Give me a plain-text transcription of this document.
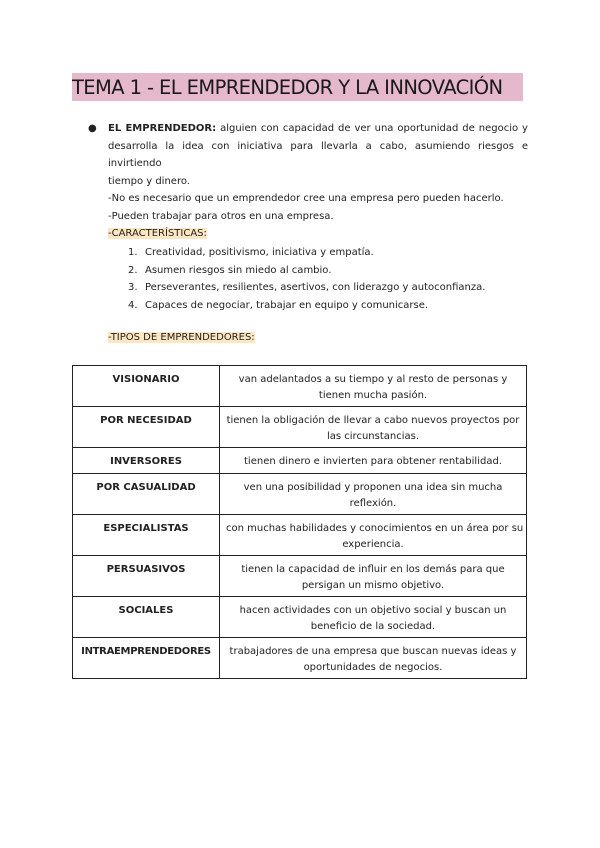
TEMA 1 - EL EMPRENDEDOR Y LA INNOVACIÓN
● EL EMPRENDEDOR: alguien con capacidad de ver una oportunidad de negocio y

desarrolla la idea con iniciativa para llevarla a cabo, asumiendo riesgos e invirtiendo

tiempo y dinero.

-No es necesario que un emprendedor cree una empresa pero pueden hacerlo.

-Pueden trabajar para otros en una empresa.

-CARACTERÍSTICAS:
1. Creatividad, positivismo, iniciativa y empatía.
2. Asumen riesgos sin miedo al cambio.
3. Perseverantes, resilientes, asertivos, con liderazgo y autoconfianza.
4. Capaces de negociar, trabajar en equipo y comunicarse.
-TIPOS DE EMPRENDEDORES:
VISIONARIO	van adelantados a su tiempo y al resto de personas y
tienen mucha pasión.

POR NECESIDAD	tienen la obligación de llevar a cabo nuevos proyectos por
las circunstancias.

INVERSORES	tienen dinero e invierten para obtener rentabilidad.

POR CASUALIDAD	ven una posibilidad y proponen una idea sin mucha
reflexión.

ESPECIALISTAS	con muchas habilidades y conocimientos en un área por su
experiencia.

PERSUASIVOS	tienen la capacidad de influir en los demás para que
persigan un mismo objetivo.

SOCIALES	hacen actividades con un objetivo social y buscan un
beneficio de la sociedad.

INTRAEMPRENDEDORES	trabajadores de una empresa que buscan nuevas ideas y
oportunidades de negocios.
